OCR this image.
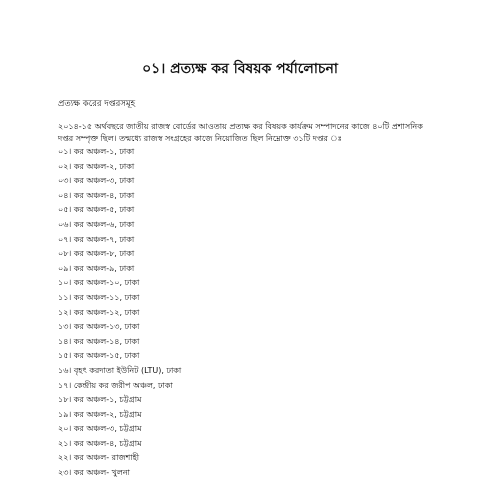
০১। প্রত্যক্ষ কর বিষয়ক পর্যালোচনা
প্রত্যক্ষ করের দপ্তরসমূহ

২০১৪-১৫ অর্থবছরে জাতীয় রাজস্ব বোর্ডের আওতায় প্রত্যক্ষ কর বিষয়ক কার্যক্রম সম্পাদনের কাজে ৪০টি প্রশাসনিক দপ্তর সম্পৃক্ত ছিল। তন্মধ্যে রাজস্ব সংগ্রহের কাজে নিয়োজিত ছিল নিম্নোক্ত ৩১টি দপ্তর ঃ

০১। কর অঞ্চল-১, ঢাকা
০২। কর অঞ্চল-২, ঢাকা
০৩। কর অঞ্চল-৩, ঢাকা
০৪। কর অঞ্চল-৪, ঢাকা
০৫। কর অঞ্চল-৫, ঢাকা
০৬। কর অঞ্চল-৬, ঢাকা
০৭। কর অঞ্চল-৭, ঢাকা
০৮। কর অঞ্চল-৮, ঢাকা
০৯। কর অঞ্চল-৯, ঢাকা
১০। কর অঞ্চল-১০, ঢাকা
১১। কর অঞ্চল-১১, ঢাকা
১২। কর অঞ্চল-১২, ঢাকা
১৩। কর অঞ্চল-১৩, ঢাকা
১৪। কর অঞ্চল-১৪, ঢাকা
১৫। কর অঞ্চল-১৫, ঢাকা
১৬। বৃহৎ করদাতা ইউনিট (LTU), ঢাকা
১৭। কেন্দ্রীয় কর জরীপ অঞ্চল, ঢাকা
১৮। কর অঞ্চল-১, চট্টগ্রাম
১৯। কর অঞ্চল-২, চট্টগ্রাম
২০। কর অঞ্চল-৩, চট্টগ্রাম
২১। কর অঞ্চল-৪, চট্টগ্রাম
২২। কর অঞ্চল- রাজশাহী
২৩। কর অঞ্চল- খুলনা
